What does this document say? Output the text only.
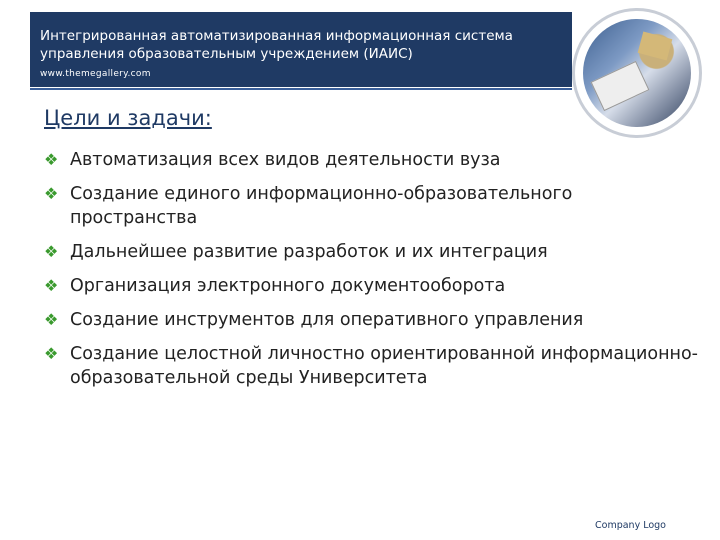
Интегрированная автоматизированная информационная система управления образовательным учреждением (ИАИС)
www.themegallery.com
Цели и задачи:
❖ Автоматизация всех видов деятельности вуза
❖ Создание единого информационно-образовательного пространства
❖ Дальнейшее развитие разработок и их интеграция
❖ Организация электронного документооборота
❖ Создание инструментов для оперативного управления
❖ Создание целостной личностно ориентированной информационно-образовательной среды Университета
Company Logo
